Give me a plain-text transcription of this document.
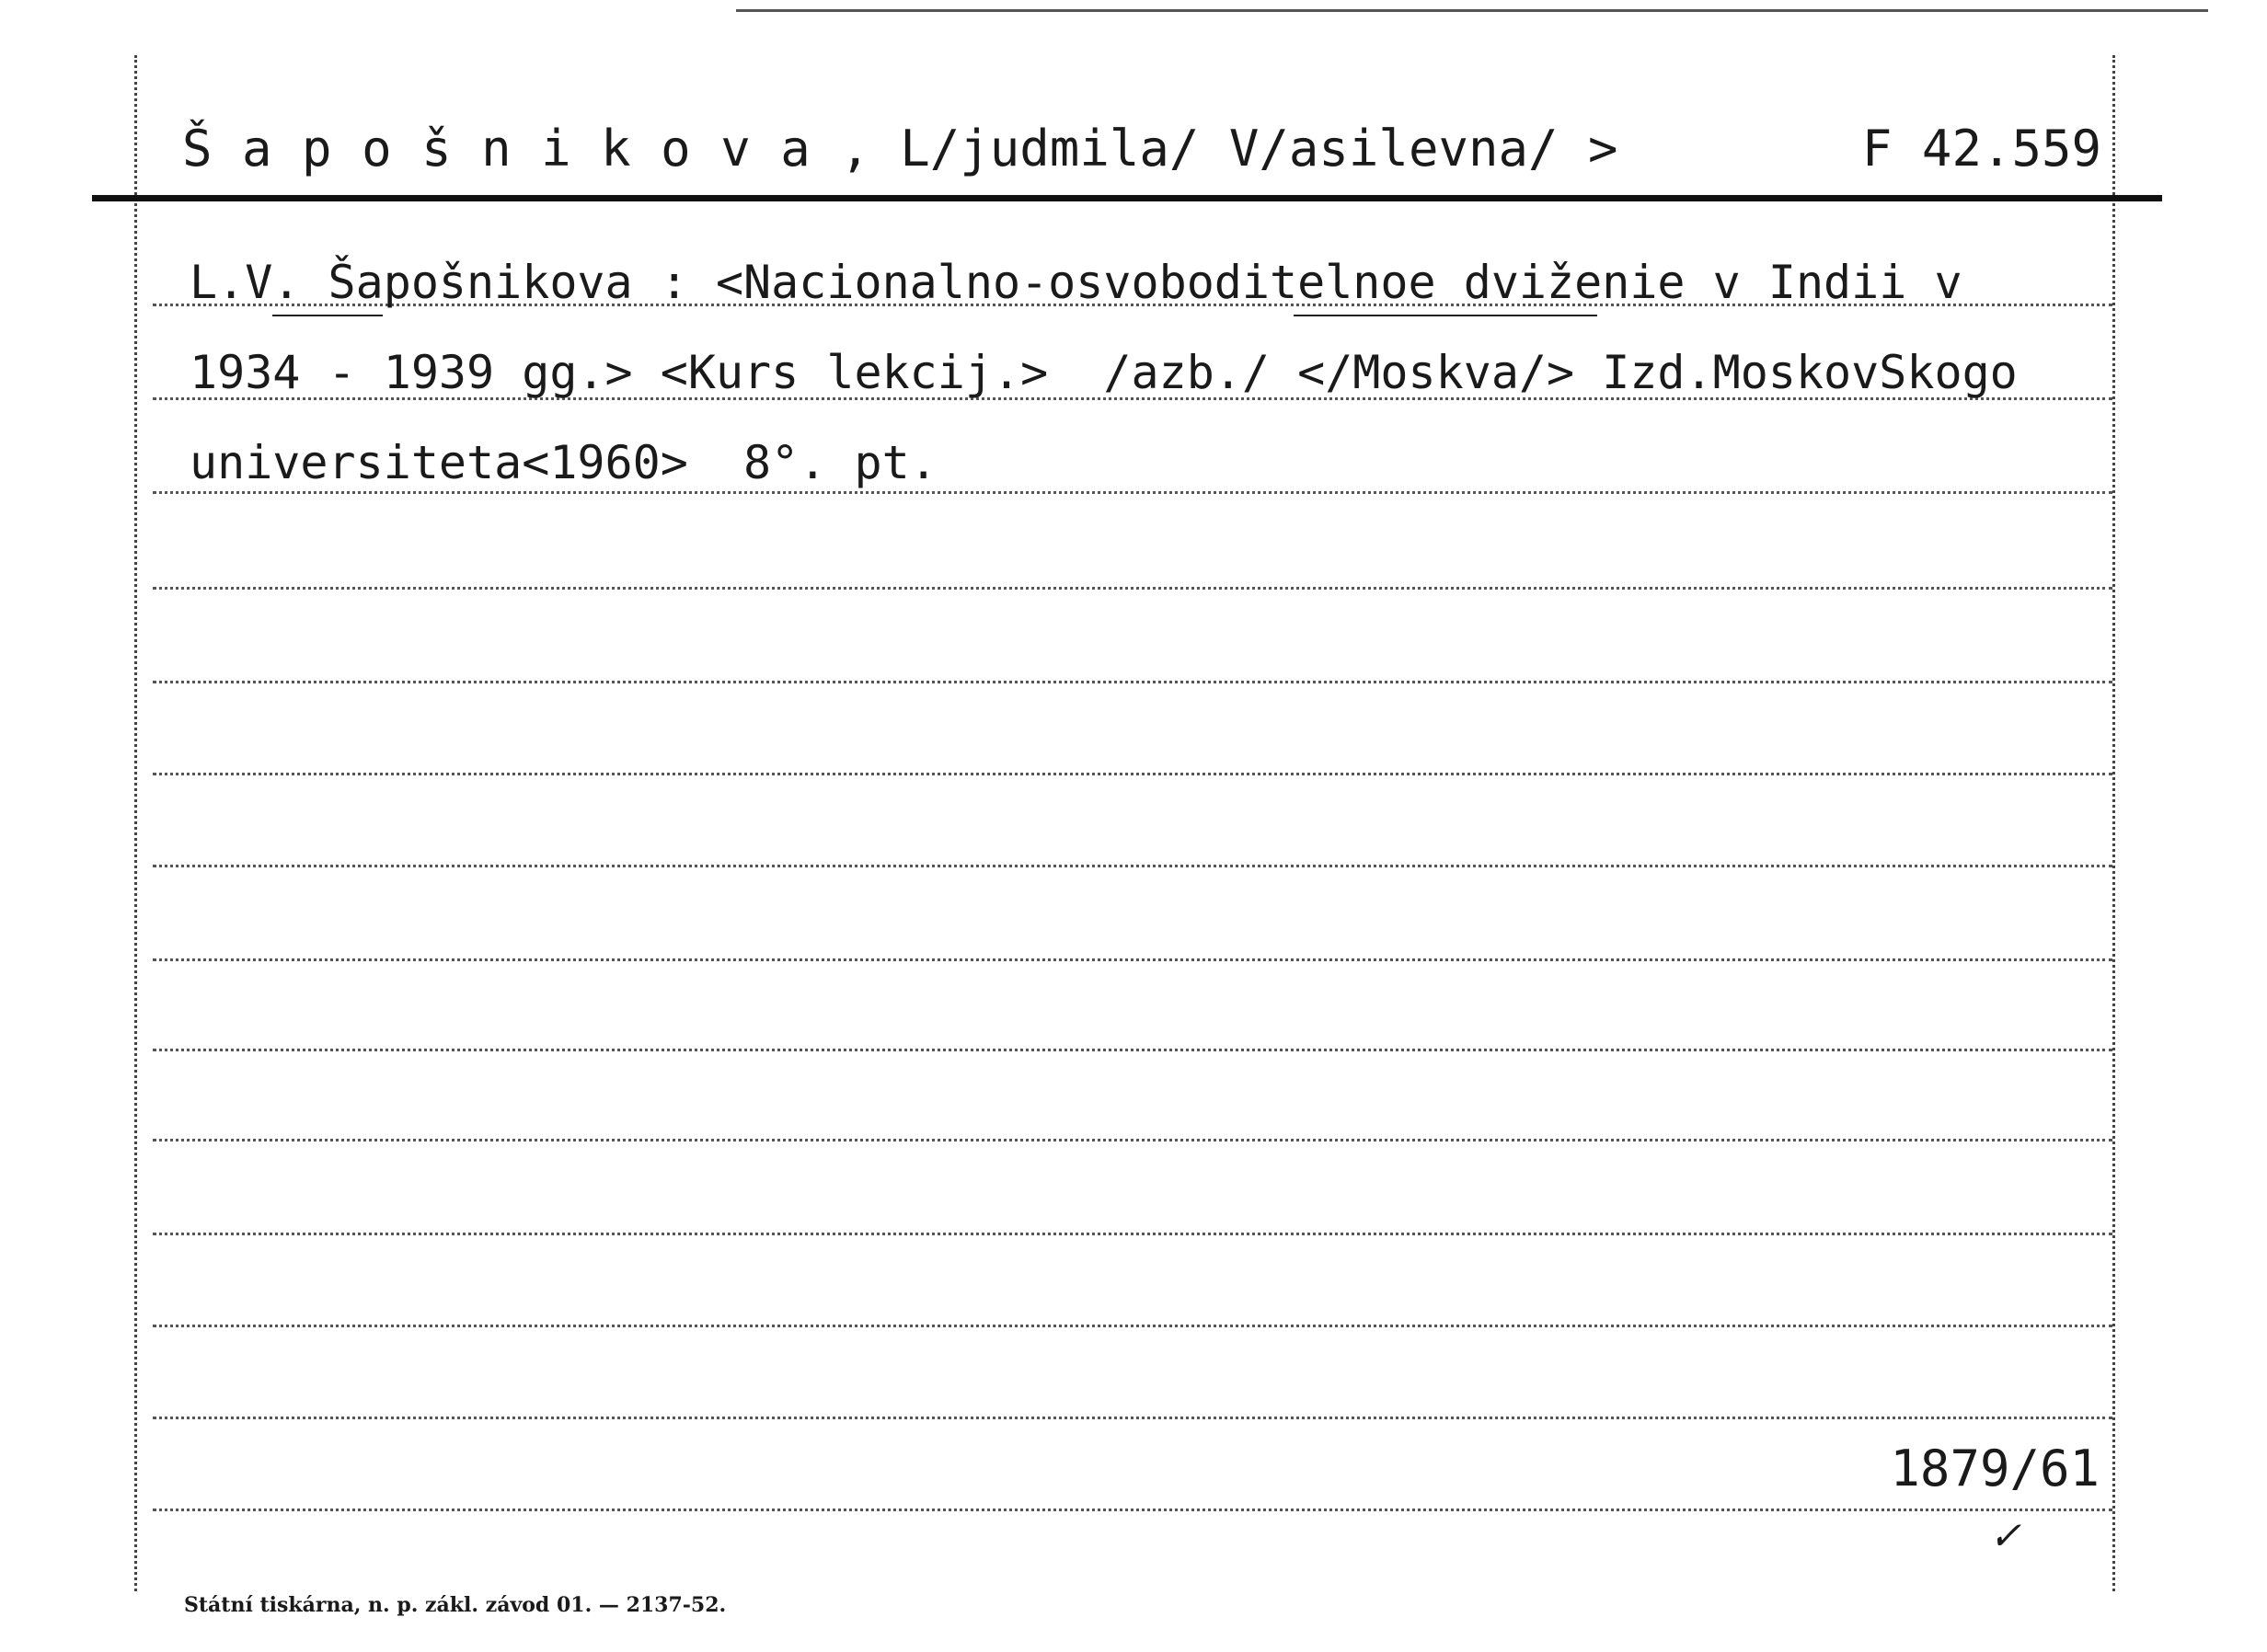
Š a p o š n i k o v a , L/judmila/ V/asilevna/ >	F 42.559
L.V. Šapošnikova : <Nacionalno-osvoboditelnoe dviženie v Indii v
1934 - 1939 gg.> <Kurs lekcij.>  /azb./ </Moskva/> Izd.MoskovSkogo
universiteta<1960>  8°. pt.
1879/61
✓
Státní tiskárna, n. p. zákl. závod 01. — 2137-52.
